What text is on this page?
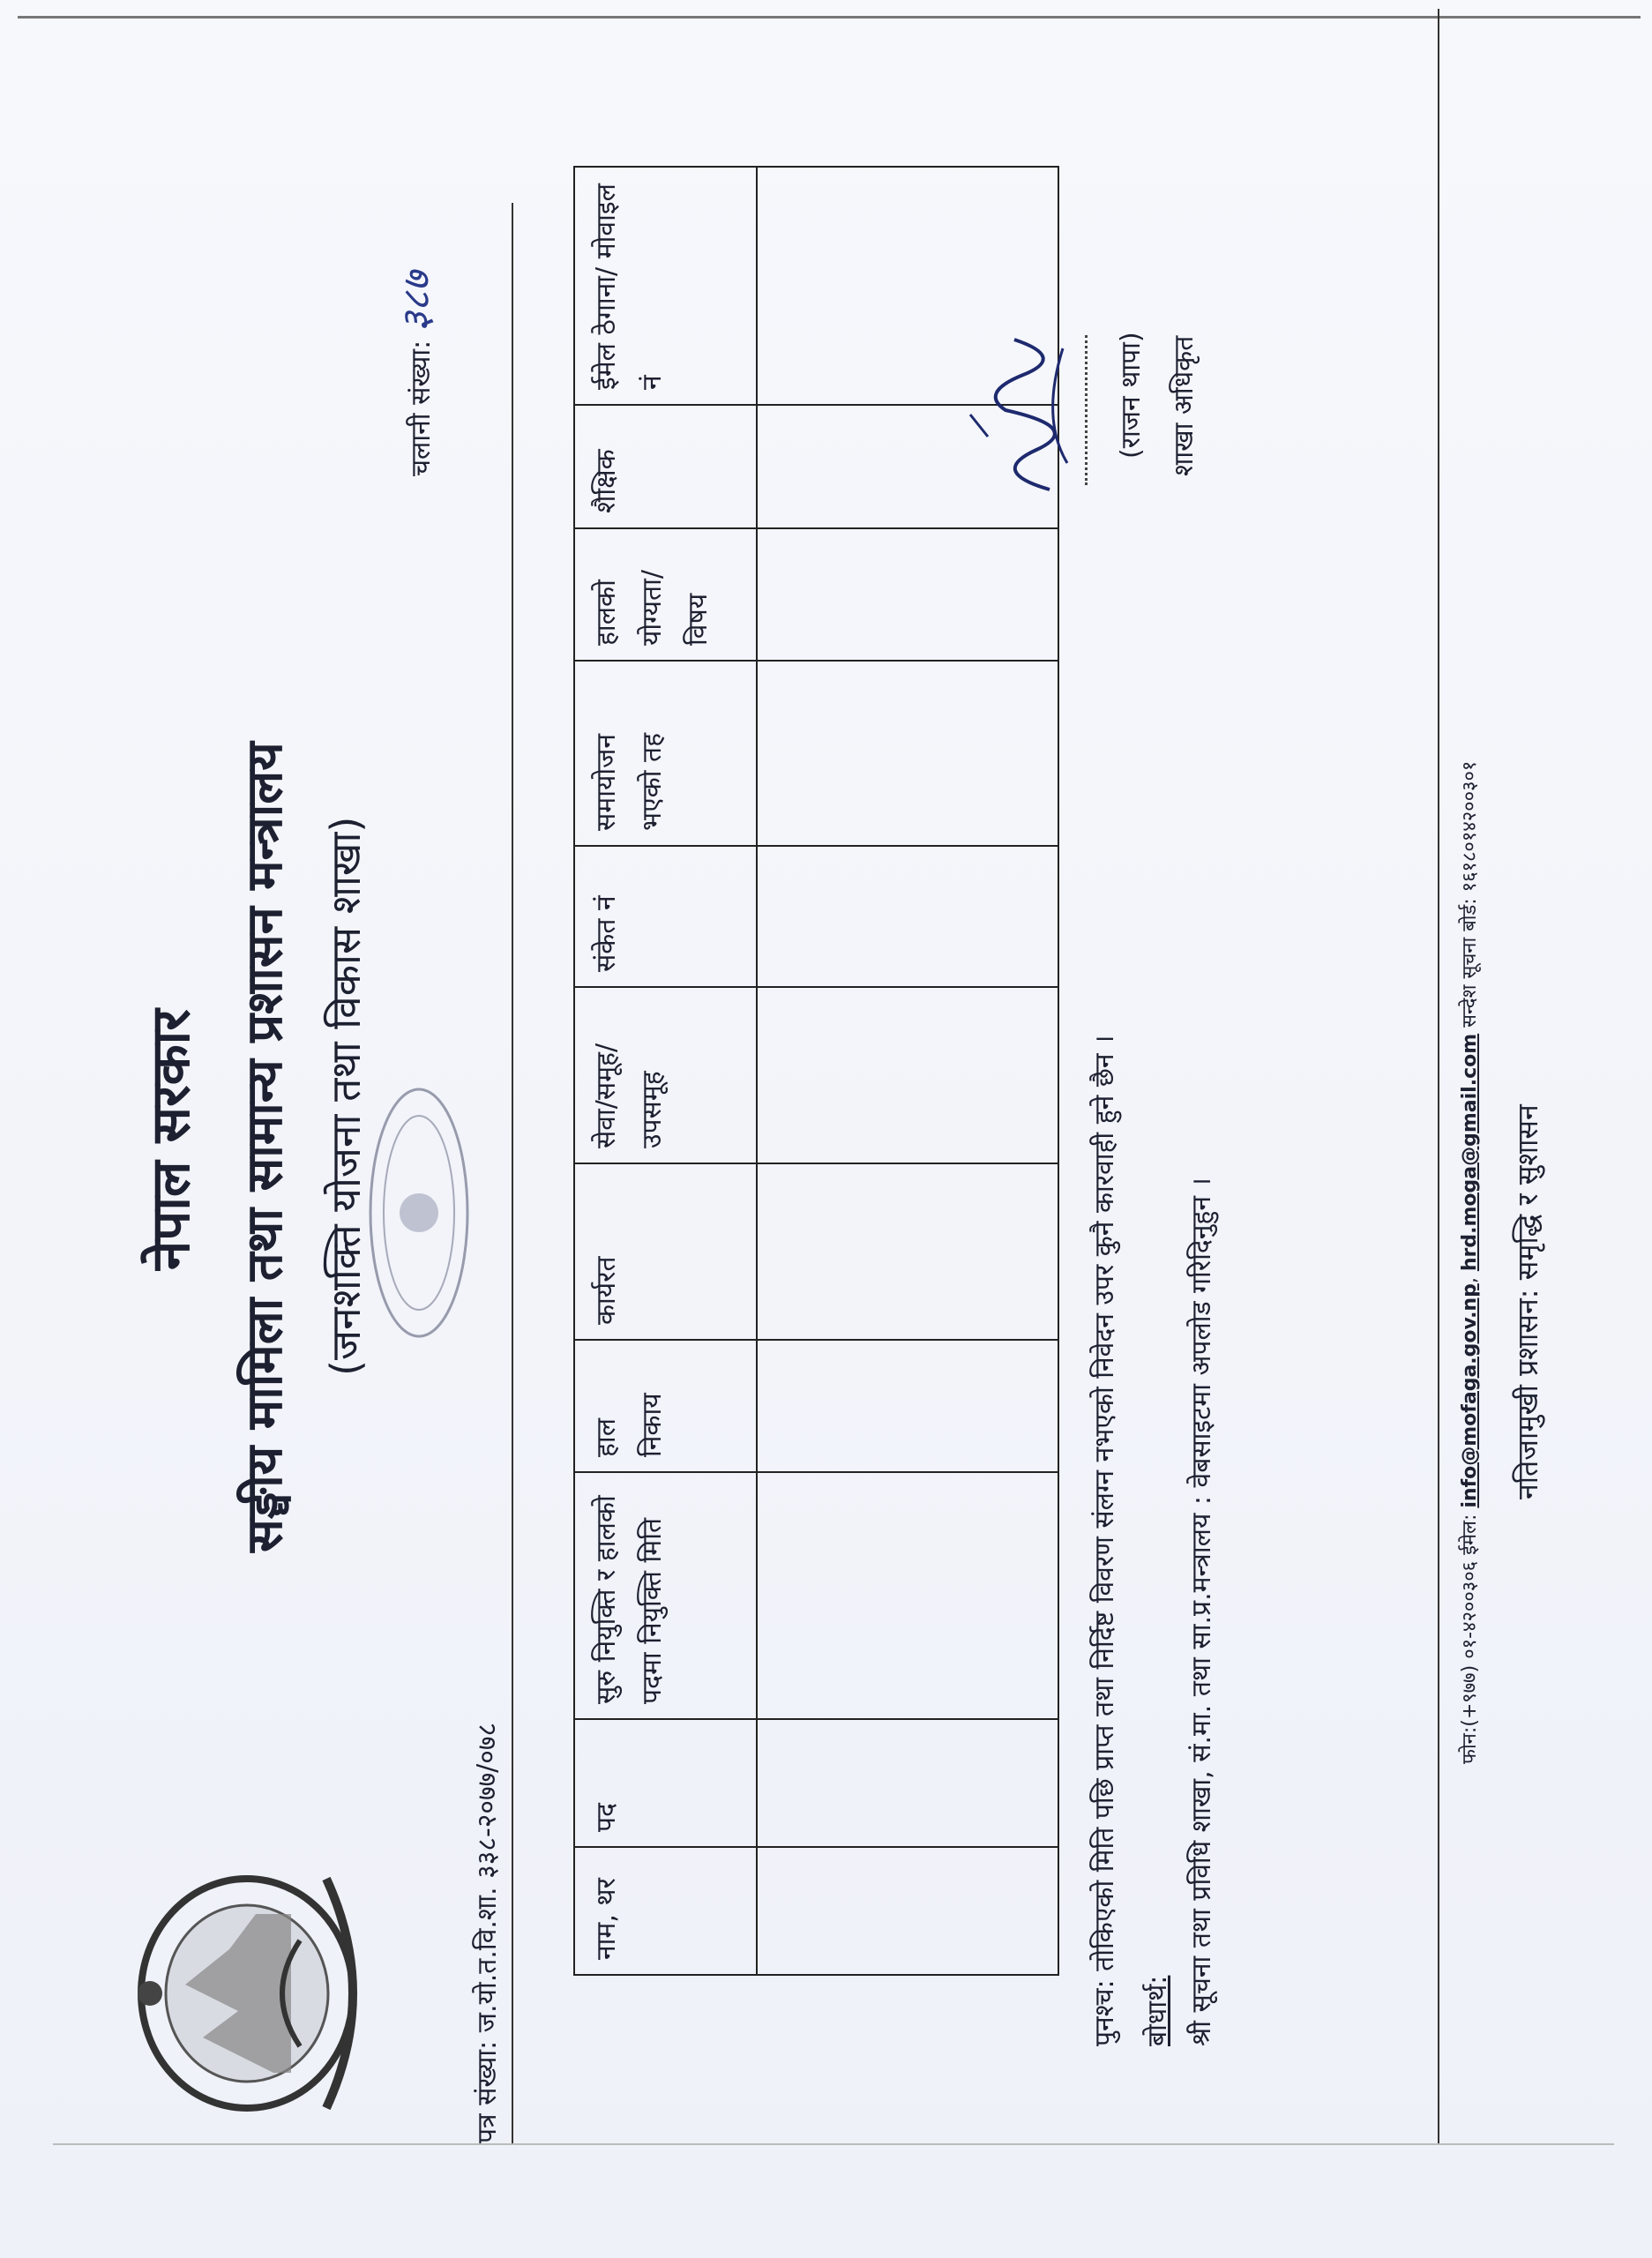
नेपाल सरकार सङ्घीय मामिला तथा सामान्य प्रशासन मन्त्रालय (जनशक्ति योजना तथा विकास शाखा)
पत्र संख्या: ज.यो.त.वि.शा. ३३८-२०७७/०७८
चलानी संख्या: ३८७
नाम, थर	पद	सुरु नियुक्ति र हालको पदमा नियुक्ति मिति	हाल निकाय	कार्यरत	सेवा/समूह/ उपसमूह	संकेत नं	समायोजन भएको तह	हालको योग्यता/ विषय	शैक्षिक	ईमेल ठेगाना/ मोवाइल नं

पुनश्च: तोकिएको मिति पछि प्राप्त तथा निर्दिष्ट विवरण संलग्न नभएको निवेदन उपर कुनै कारवाही हुने छैन । बोधार्थ: श्री सूचना तथा प्रविधि शाखा, सं.मा. तथा सा.प्र.मन्त्रालय : वेबसाइटमा अपलोड गरिदिनुहुन ।
(राजन थापा) शाखा अधिकृत
फोन:(+९७७) ०१-४२००३०६ ईमेल: info@mofaga.gov.np, hrd.moga@gmail.com सन्देश सूचना बोर्ड: १६१८०१४२००३०१
नतिजामुखी प्रशासन: समृद्धि र सुशासन
